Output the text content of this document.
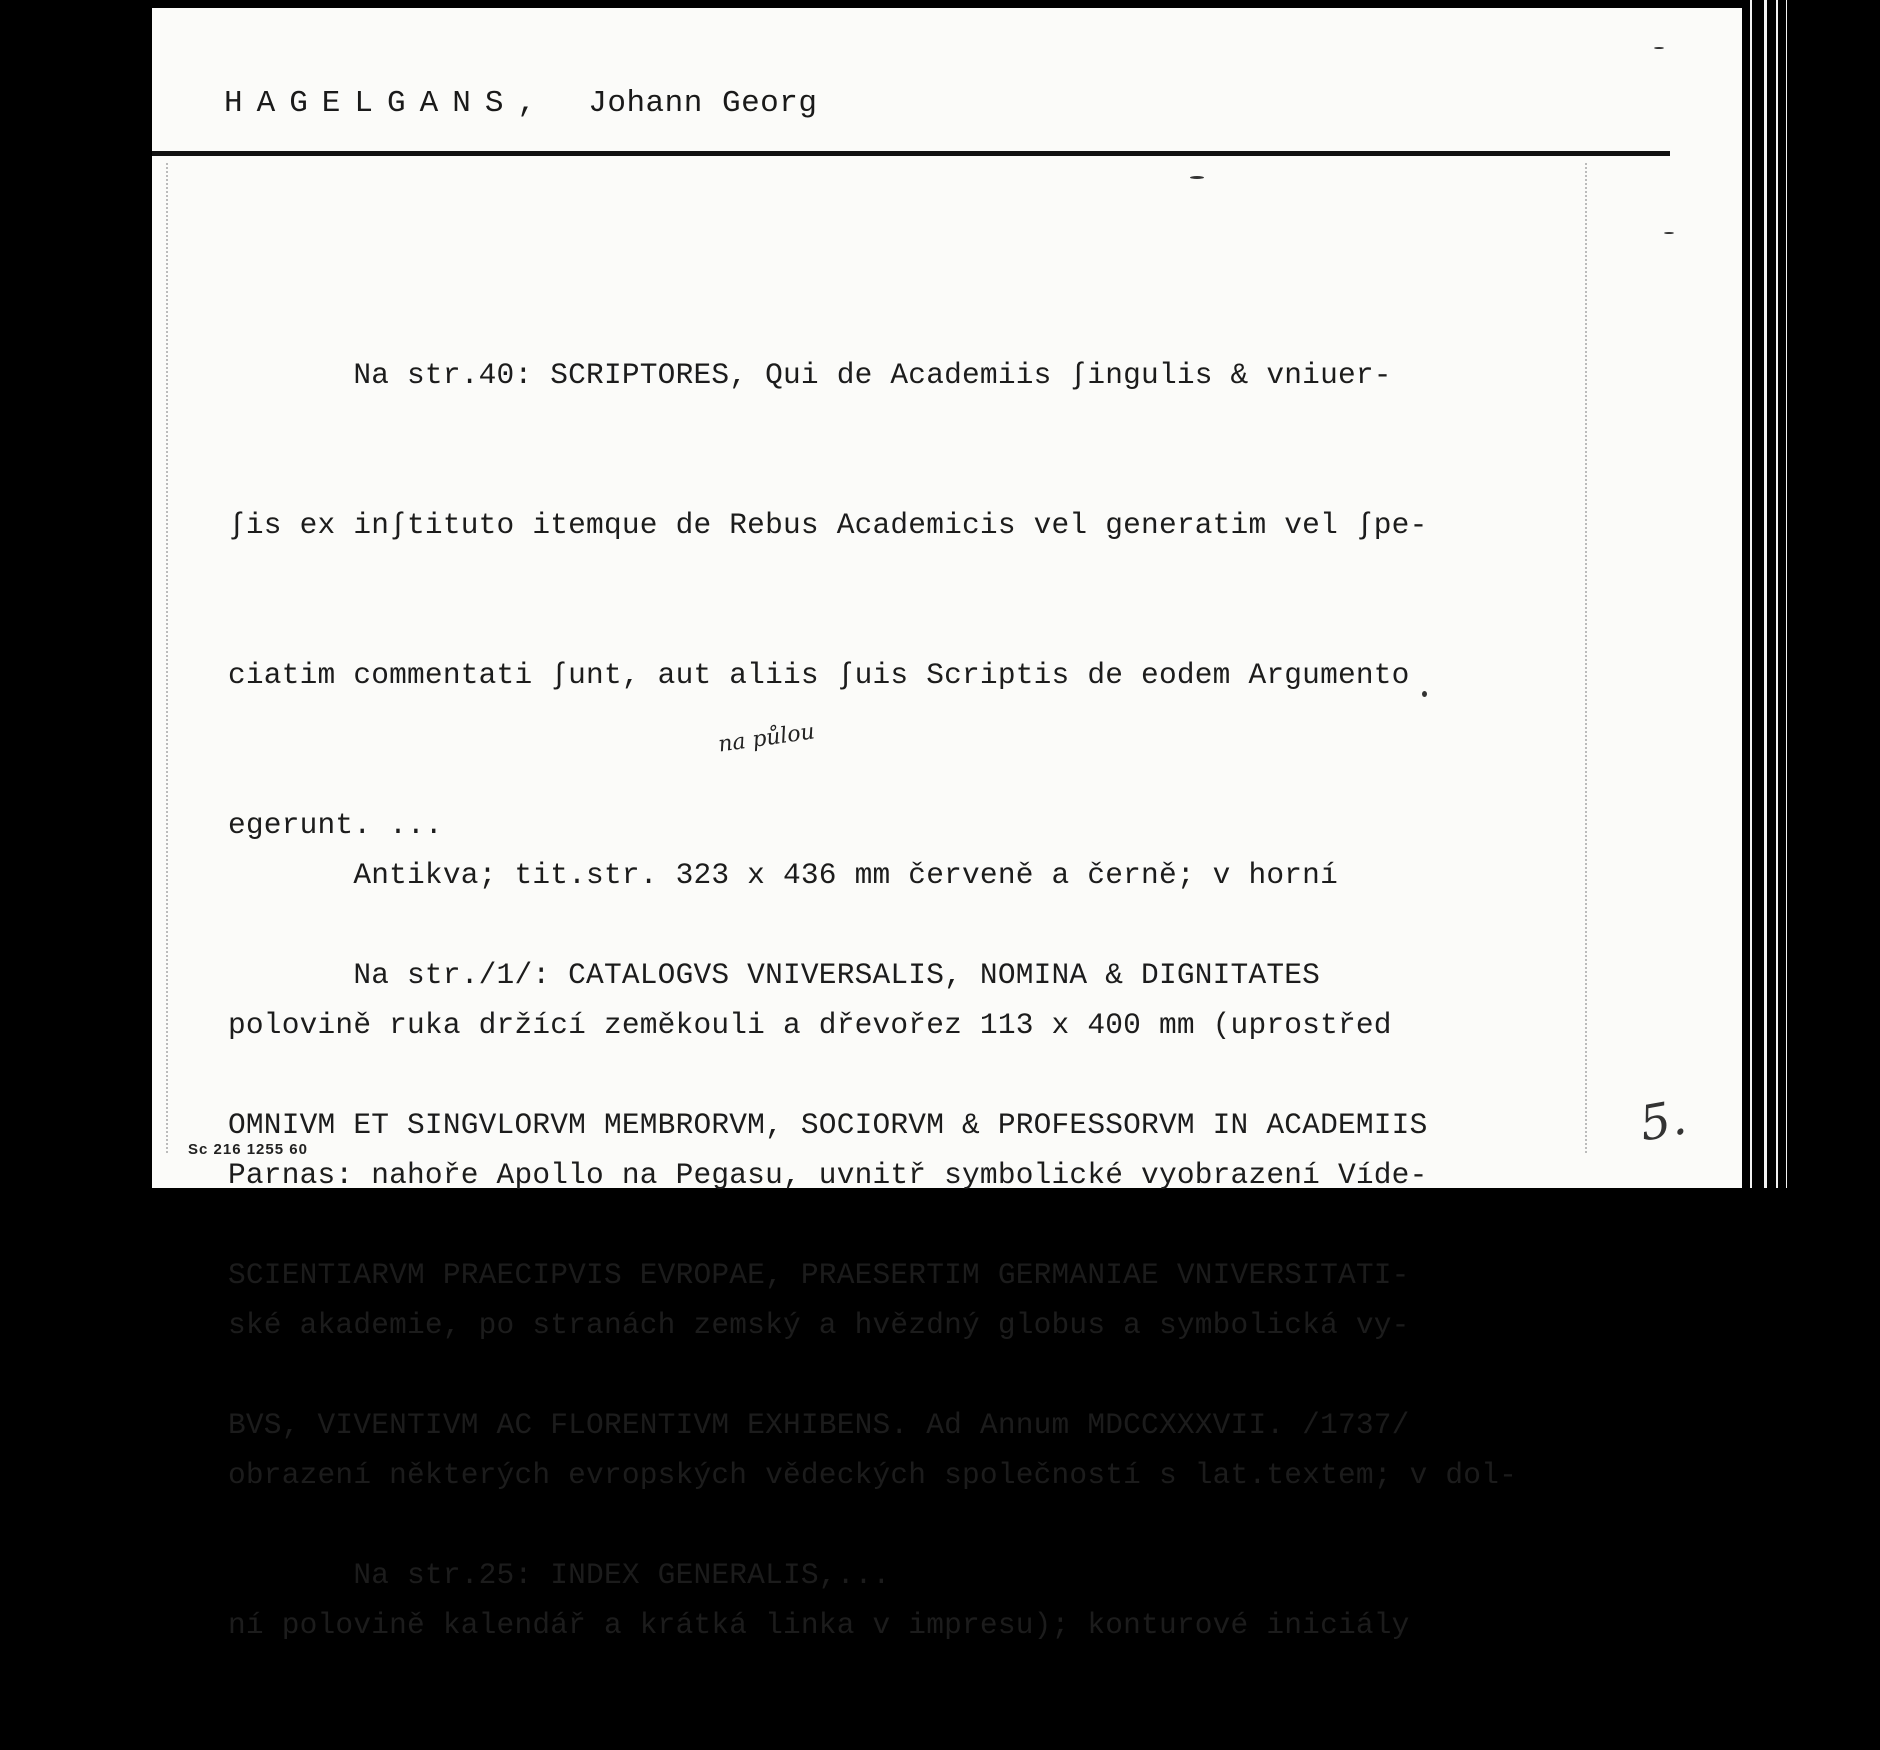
HAGELGANS, Johann Georg

Na str.40: SCRIPTORES, Qui de Academiis ∫ingulis & vniuer-

∫is ex in∫tituto itemque de Rebus Academicis vel generatim vel ∫pe-

ciatim commentati ∫unt, aut aliis ∫uis Scriptis de eodem Argumento

egerunt. ...

Na str./1/: CATALOGVS VNIVERSALIS, NOMINA & DIGNITATES

OMNIVM ET SINGVLORVM MEMBRORVM, SOCIORVM & PROFESSORVM IN ACADEMIIS

SCIENTIARVM PRAECIPVIS EVROPAE, PRAESERTIM GERMANIAE VNIVERSITATI-

BVS, VIVENTIVM AC FLORENTIVM EXHIBENS. Ad Annum MDCCXXXVII. /1737/

Na str.25: INDEX GENERALIS,...

na půlou

Antikva; tit.str. 323 x 436 mm červeně a černě; v horní

polovině ruka držící zeměkouli a dřevořez 113 x 400 mm (uprostřed

Parnas: nahoře Apollo na Pegasu, uvnitř symbolické vyobrazení Víde-

ské akademie, po stranách zemský a hvězdný globus a symbolická vy-

obrazení některých evropských vědeckých společností s lat.textem; v dol-

ní polovině kalendář a krátká linka v impresu); konturové iniciály

Sc 216 1255 60	5.
